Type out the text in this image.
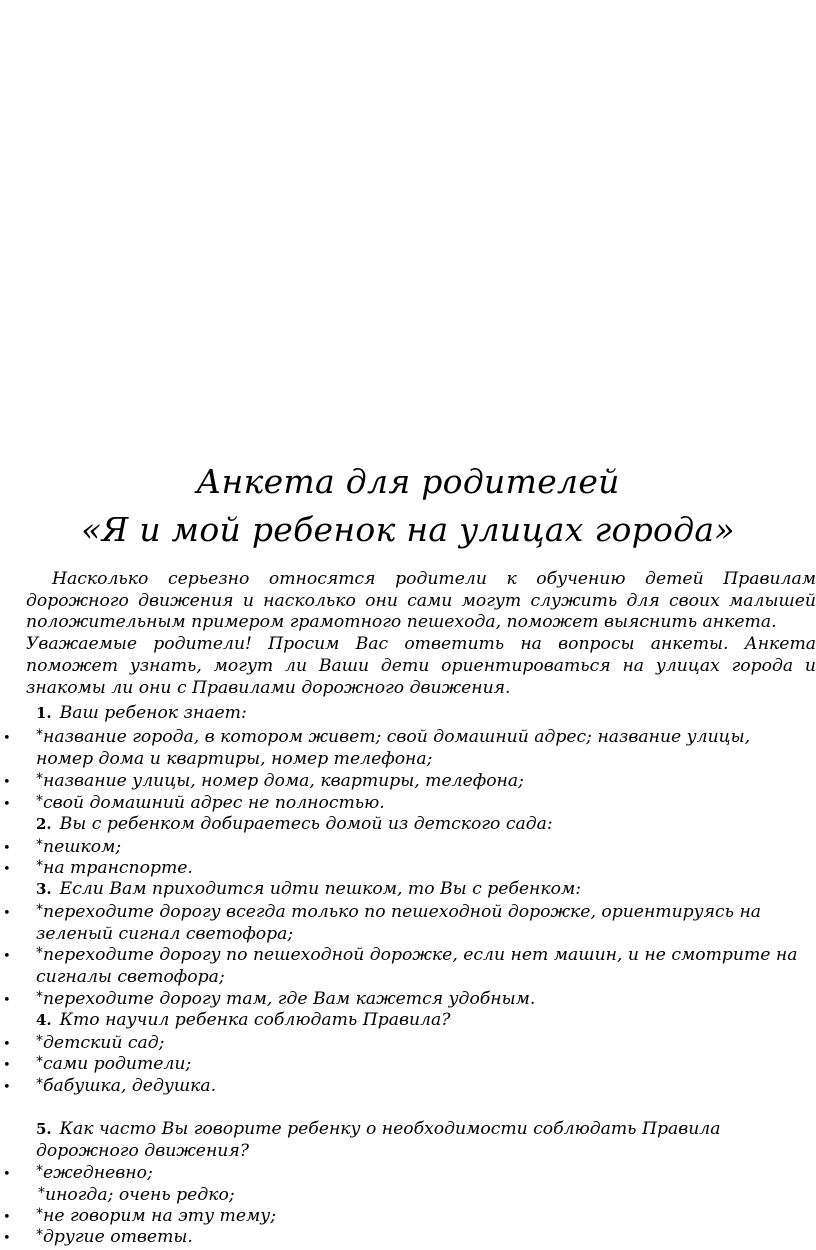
Анкета для родителей
«Я и мой ребенок на улицах города»

Насколько серьезно относятся родители к обучению детей Правилам дорожного движения и насколько они сами могут служить для своих малышей положительным примером грамотного пешехода, поможет выяснить анкета.

Уважаемые родители! Просим Вас ответить на вопросы анкеты. Анкета поможет узнать, могут ли Ваши дети ориентироваться на улицах города и знакомы ли они с Правилами дорожного движения.

1. Ваш ребенок знает:
• *название города, в котором живет; свой домашний адрес; название улицы, номер дома и квартиры, номер телефона;
• *название улицы, номер дома, квартиры, телефона;
• *свой домашний адрес не полностью.
2. Вы с ребенком добираетесь домой из детского сада:
• *пешком;
• *на транспорте.
3. Если Вам приходится идти пешком, то Вы с ребенком:
• *переходите дорогу всегда только по пешеходной дорожке, ориентируясь на зеленый сигнал светофора;
• *переходите дорогу по пешеходной дорожке, если нет машин, и не смотрите на сигналы светофора;
• *переходите дорогу там, где Вам кажется удобным.
4. Кто научил ребенка соблюдать Правила?
• *детский сад;
• *сами родители;
• *бабушка, дедушка.
5. Как часто Вы говорите ребенку о необходимости соблюдать Правила дорожного движения?
• *ежедневно;
*иногда; очень редко;
• *не говорим на эту тему;
• *другие ответы.
